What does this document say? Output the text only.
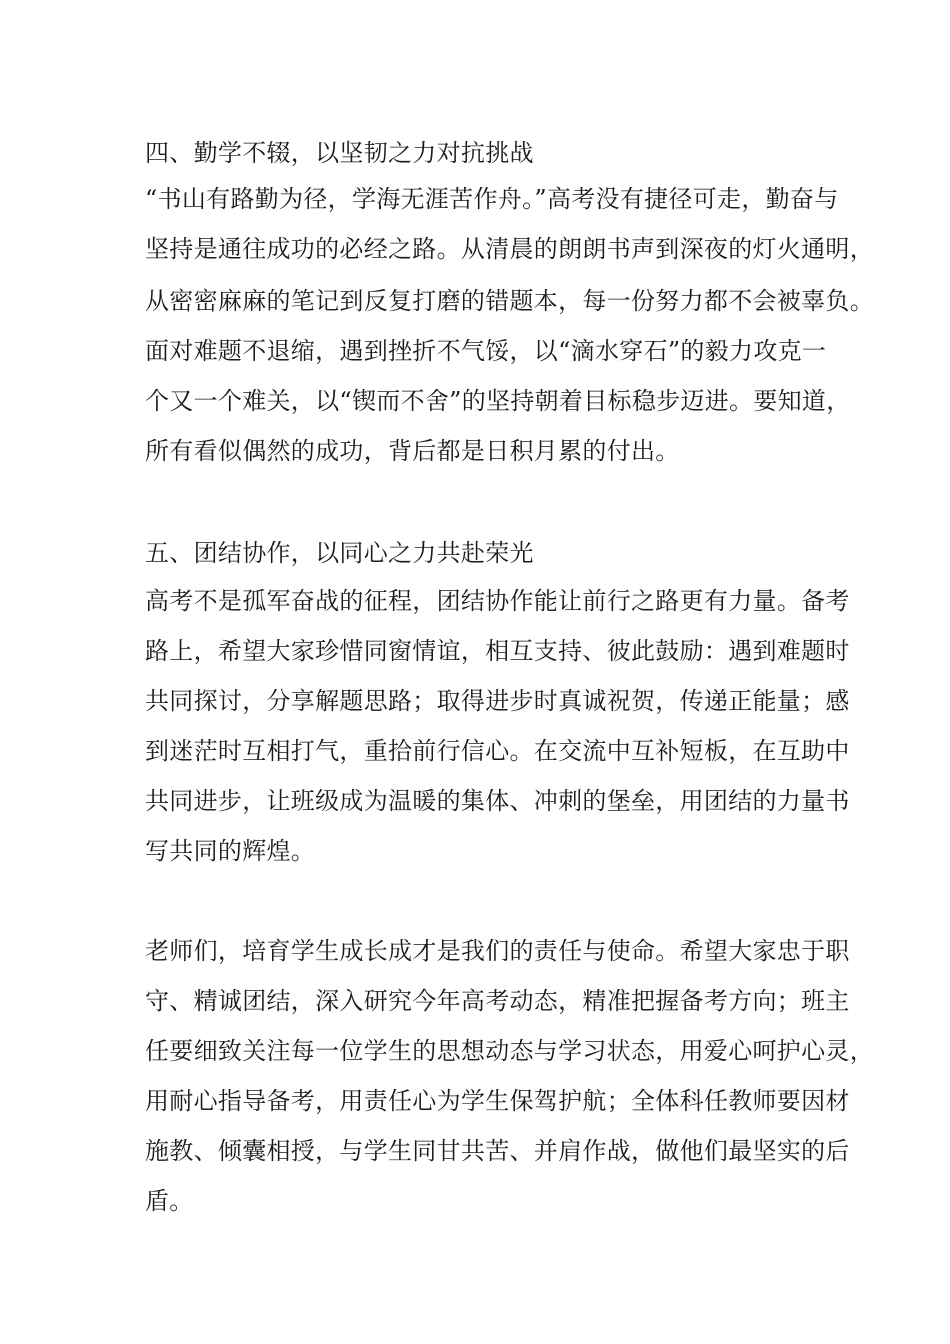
四、勤学不辍，以坚韧之力对抗挑战
“书山有路勤为径，学海无涯苦作舟。”高考没有捷径可走，勤奋与
坚持是通往成功的必经之路。从清晨的朗朗书声到深夜的灯火通明，
从密密麻麻的笔记到反复打磨的错题本，每一份努力都不会被辜负。
面对难题不退缩，遇到挫折不气馁，以“滴水穿石”的毅力攻克一
个又一个难关，以“锲而不舍”的坚持朝着目标稳步迈进。要知道，
所有看似偶然的成功，背后都是日积月累的付出。
五、团结协作，以同心之力共赴荣光
高考不是孤军奋战的征程，团结协作能让前行之路更有力量。备考
路上，希望大家珍惜同窗情谊，相互支持、彼此鼓励：遇到难题时
共同探讨，分享解题思路；取得进步时真诚祝贺，传递正能量；感
到迷茫时互相打气，重拾前行信心。在交流中互补短板，在互助中
共同进步，让班级成为温暖的集体、冲刺的堡垒，用团结的力量书
写共同的辉煌。
老师们，培育学生成长成才是我们的责任与使命。希望大家忠于职
守、精诚团结，深入研究今年高考动态，精准把握备考方向；班主
任要细致关注每一位学生的思想动态与学习状态，用爱心呵护心灵，
用耐心指导备考，用责任心为学生保驾护航；全体科任教师要因材
施教、倾囊相授，与学生同甘共苦、并肩作战，做他们最坚实的后
盾。
